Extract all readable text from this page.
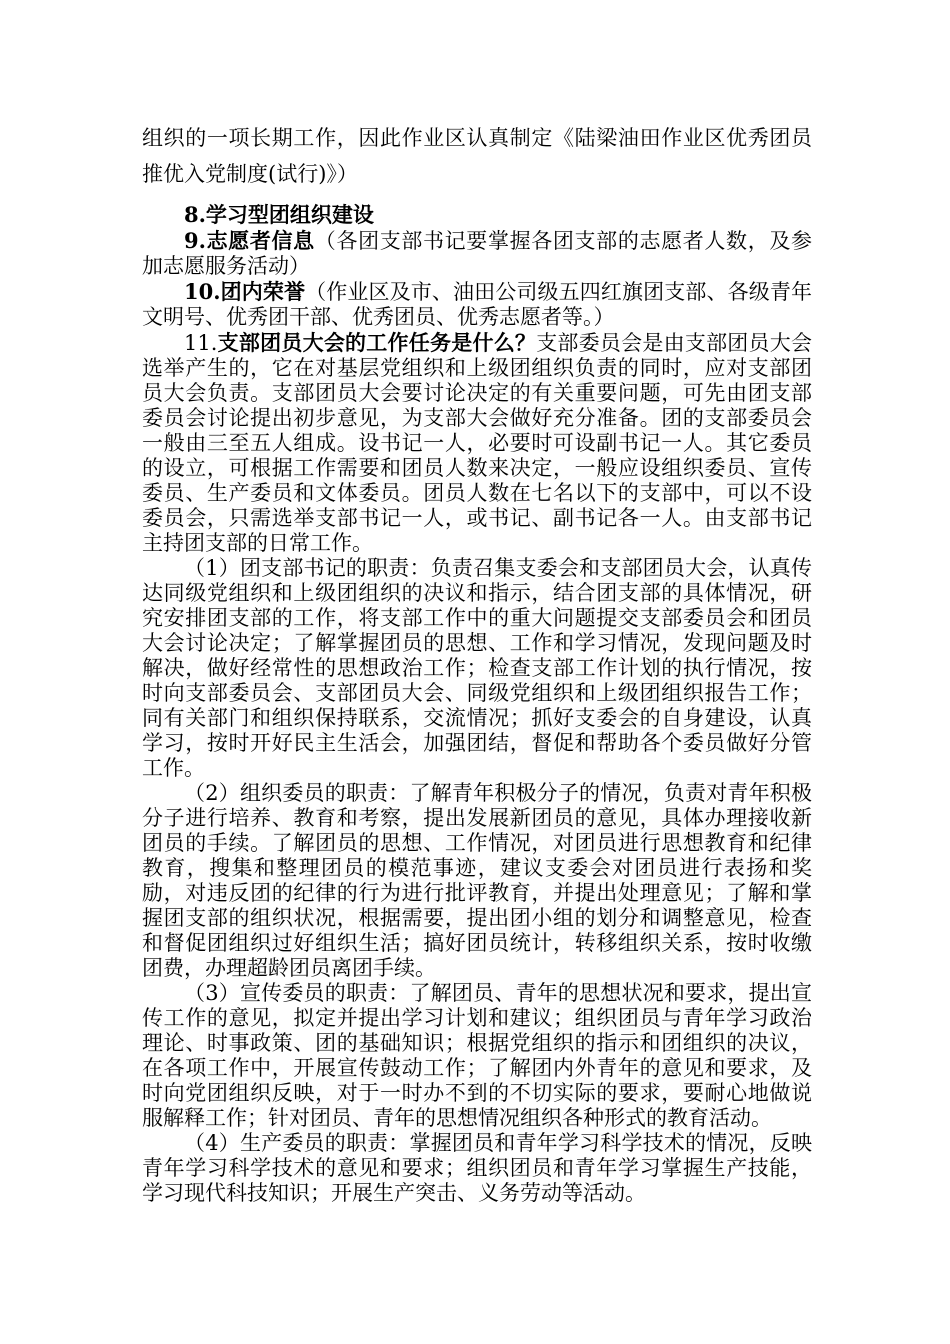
组织的一项长期工作，因此作业区认真制定《陆梁油田作业区优秀团员推优入党制度(试行)》）

8.学习型团组织建设

9.志愿者信息（各团支部书记要掌握各团支部的志愿者人数，及参加志愿服务活动）

10.团内荣誉（作业区及市、油田公司级五四红旗团支部、各级青年文明号、优秀团干部、优秀团员、优秀志愿者等。）

11.支部团员大会的工作任务是什么？支部委员会是由支部团员大会选举产生的，它在对基层党组织和上级团组织负责的同时，应对支部团员大会负责。支部团员大会要讨论决定的有关重要问题，可先由团支部委员会讨论提出初步意见，为支部大会做好充分准备。团的支部委员会一般由三至五人组成。设书记一人，必要时可设副书记一人。其它委员的设立，可根据工作需要和团员人数来决定，一般应设组织委员、宣传委员、生产委员和文体委员。团员人数在七名以下的支部中，可以不设委员会，只需选举支部书记一人，或书记、副书记各一人。由支部书记主持团支部的日常工作。

（1）团支部书记的职责：负责召集支委会和支部团员大会，认真传达同级党组织和上级团组织的决议和指示，结合团支部的具体情况，研究安排团支部的工作，将支部工作中的重大问题提交支部委员会和团员大会讨论决定；了解掌握团员的思想、工作和学习情况，发现问题及时解决，做好经常性的思想政治工作；检查支部工作计划的执行情况，按时向支部委员会、支部团员大会、同级党组织和上级团组织报告工作；同有关部门和组织保持联系，交流情况；抓好支委会的自身建设，认真学习，按时开好民主生活会，加强团结，督促和帮助各个委员做好分管工作。

（2）组织委员的职责：了解青年积极分子的情况，负责对青年积极分子进行培养、教育和考察，提出发展新团员的意见，具体办理接收新团员的手续。了解团员的思想、工作情况，对团员进行思想教育和纪律教育，搜集和整理团员的模范事迹，建议支委会对团员进行表扬和奖励，对违反团的纪律的行为进行批评教育，并提出处理意见；了解和掌握团支部的组织状况，根据需要，提出团小组的划分和调整意见，检查和督促团组织过好组织生活；搞好团员统计，转移组织关系，按时收缴团费，办理超龄团员离团手续。

（3）宣传委员的职责：了解团员、青年的思想状况和要求，提出宣传工作的意见，拟定并提出学习计划和建议；组织团员与青年学习政治理论、时事政策、团的基础知识；根据党组织的指示和团组织的决议，在各项工作中，开展宣传鼓动工作；了解团内外青年的意见和要求，及时向党团组织反映，对于一时办不到的不切实际的要求，要耐心地做说服解释工作；针对团员、青年的思想情况组织各种形式的教育活动。

（4）生产委员的职责：掌握团员和青年学习科学技术的情况，反映青年学习科学技术的意见和要求；组织团员和青年学习掌握生产技能，学习现代科技知识；开展生产突击、义务劳动等活动。
